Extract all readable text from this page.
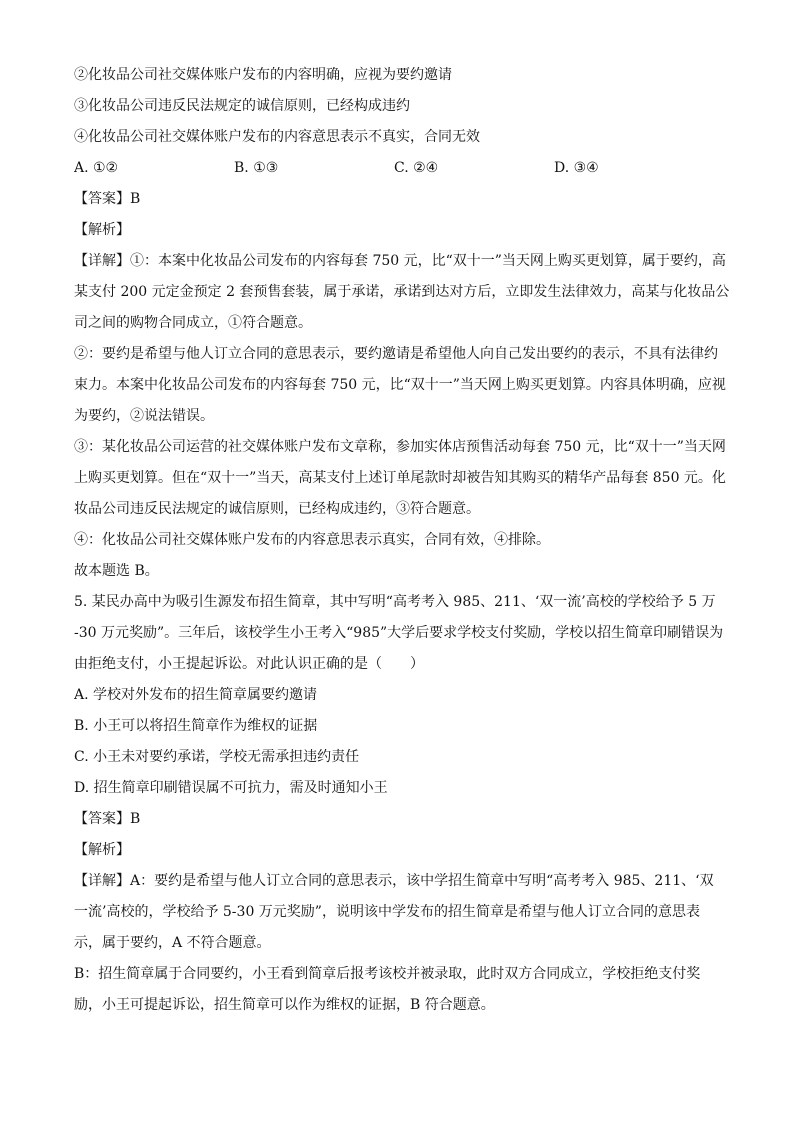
②化妆品公司社交媒体账户发布的内容明确，应视为要约邀请
③化妆品公司违反民法规定的诚信原则，已经构成违约
④化妆品公司社交媒体账户发布的内容意思表示不真实，合同无效
A. ①②	B. ①③	C. ②④	D. ③④
【答案】B
【解析】
【详解】①：本案中化妆品公司发布的内容每套 750 元，比“双十一”当天网上购买更划算，属于要约，高
某支付 200 元定金预定 2 套预售套装，属于承诺，承诺到达对方后，立即发生法律效力，高某与化妆品公
司之间的购物合同成立，①符合题意。
②：要约是希望与他人订立合同的意思表示，要约邀请是希望他人向自己发出要约的表示，不具有法律约
束力。本案中化妆品公司发布的内容每套 750 元，比“双十一”当天网上购买更划算。内容具体明确，应视
为要约，②说法错误。
③：某化妆品公司运营的社交媒体账户发布文章称，参加实体店预售活动每套 750 元，比“双十一”当天网
上购买更划算。但在“双十一”当天，高某支付上述订单尾款时却被告知其购买的精华产品每套 850 元。化
妆品公司违反民法规定的诚信原则，已经构成违约，③符合题意。
④：化妆品公司社交媒体账户发布的内容意思表示真实，合同有效，④排除。
故本题选 B。
5. 某民办高中为吸引生源发布招生简章，其中写明“高考考入 985、211、‘双一流’高校的学校给予 5 万
-30 万元奖励”。三年后，该校学生小王考入“985”大学后要求学校支付奖励，学校以招生简章印刷错误为
由拒绝支付，小王提起诉讼。对此认识正确的是（　　）
A. 学校对外发布的招生简章属要约邀请
B. 小王可以将招生简章作为维权的证据
C. 小王未对要约承诺，学校无需承担违约责任
D. 招生简章印刷错误属不可抗力，需及时通知小王
【答案】B
【解析】
【详解】A：要约是希望与他人订立合同的意思表示，该中学招生简章中写明“高考考入 985、211、‘双
一流’高校的，学校给予 5-30 万元奖励”，说明该中学发布的招生简章是希望与他人订立合同的意思表
示，属于要约，A 不符合题意。
B：招生简章属于合同要约，小王看到简章后报考该校并被录取，此时双方合同成立，学校拒绝支付奖
励，小王可提起诉讼，招生简章可以作为维权的证据，B 符合题意。
